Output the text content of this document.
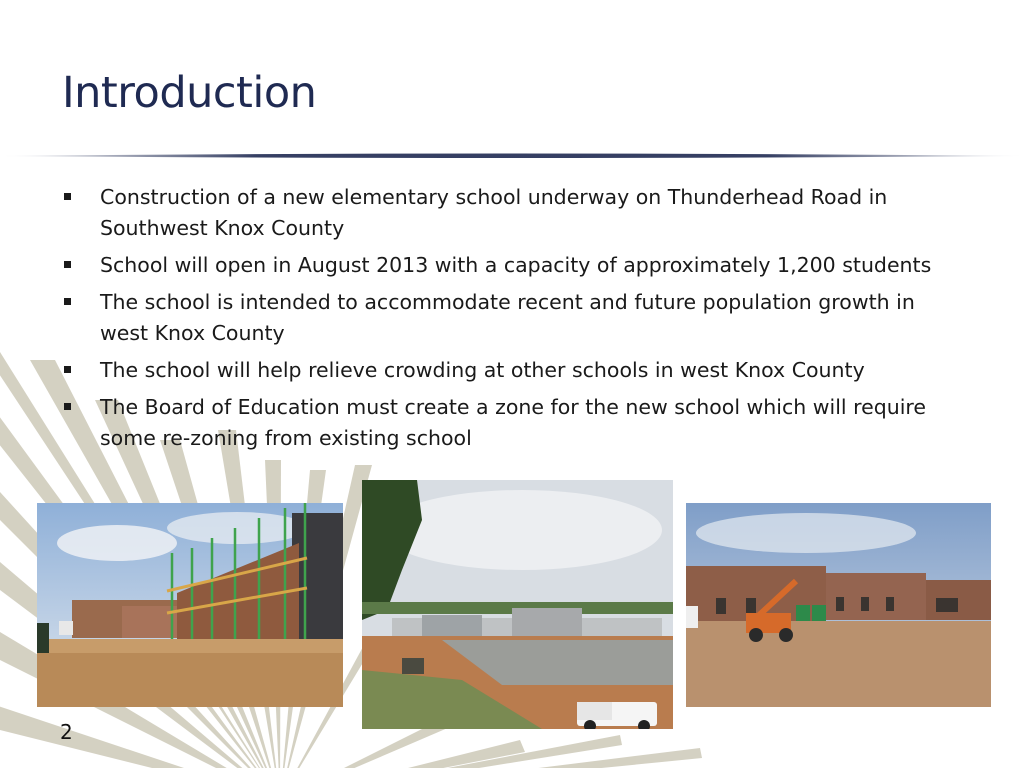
Introduction
Construction of a new elementary school underway on Thunderhead Road in Southwest Knox County
School will open in August 2013 with a capacity of approximately 1,200 students
The school is intended to accommodate recent and future population growth in west Knox County
The school will help relieve crowding at other schools in west Knox County
The Board of Education must create a zone for the new school which will require some re-zoning from existing school
2
